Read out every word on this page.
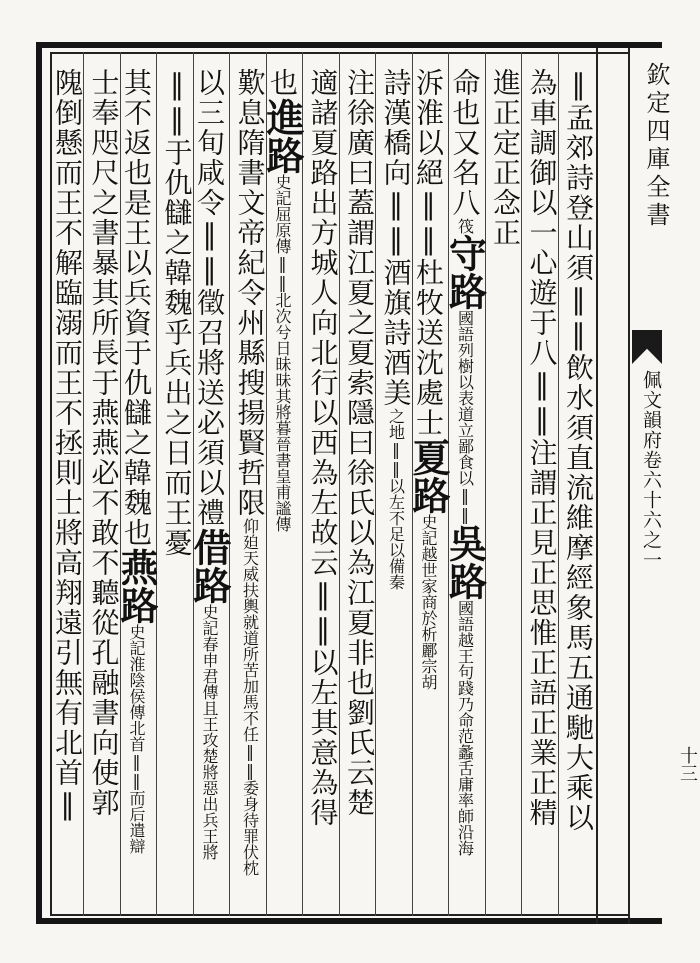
‖孟郊詩登山須‖‖飲水須直流維摩經象馬五通馳大乘以
為車調御以一心遊于八‖‖注謂正見正思惟正語正業正精
進正定正念正
命也又名八筏守路國語列樹以表道立鄙食以‖‖吳路國語越王句踐乃命范蠡舌庸率師沿海
泝淮以絕‖‖杜牧送沈處士夏路史記越世家商於析酈宗胡
詩漢橋向‖‖酒旗詩酒美之地‖‖以左不足以備秦
注徐廣曰蓋謂江夏之夏索隱曰徐氏以為江夏非也劉氏云楚
適諸夏路出方城人向北行以西為左故云‖‖以左其意為得
也進路史記屈原傳‖‖北次兮日昧昧其將暮晉書皇甫謐傳
歎息隋書文帝紀令州縣搜揚賢哲限仰廹天威扶輿就道所苦加馬不任‖‖委身待罪伏枕
以三旬咸令‖‖徵召將送必須以禮借路史記春申君傳且王攻楚將惡出兵王將
‖‖于仇讎之韓魏乎兵出之日而王憂
其不返也是王以兵資于仇讎之韓魏也燕路史記淮陰侯傳北首‖‖而后遣辯
士奉咫尺之書暴其所長于燕燕必不敢不聽從孔融書向使郭
隗倒懸而王不解臨溺而王不拯則士將高翔遠引無有北首‖	欽定四庫全書
佩文韻府卷六十六之一
十三
